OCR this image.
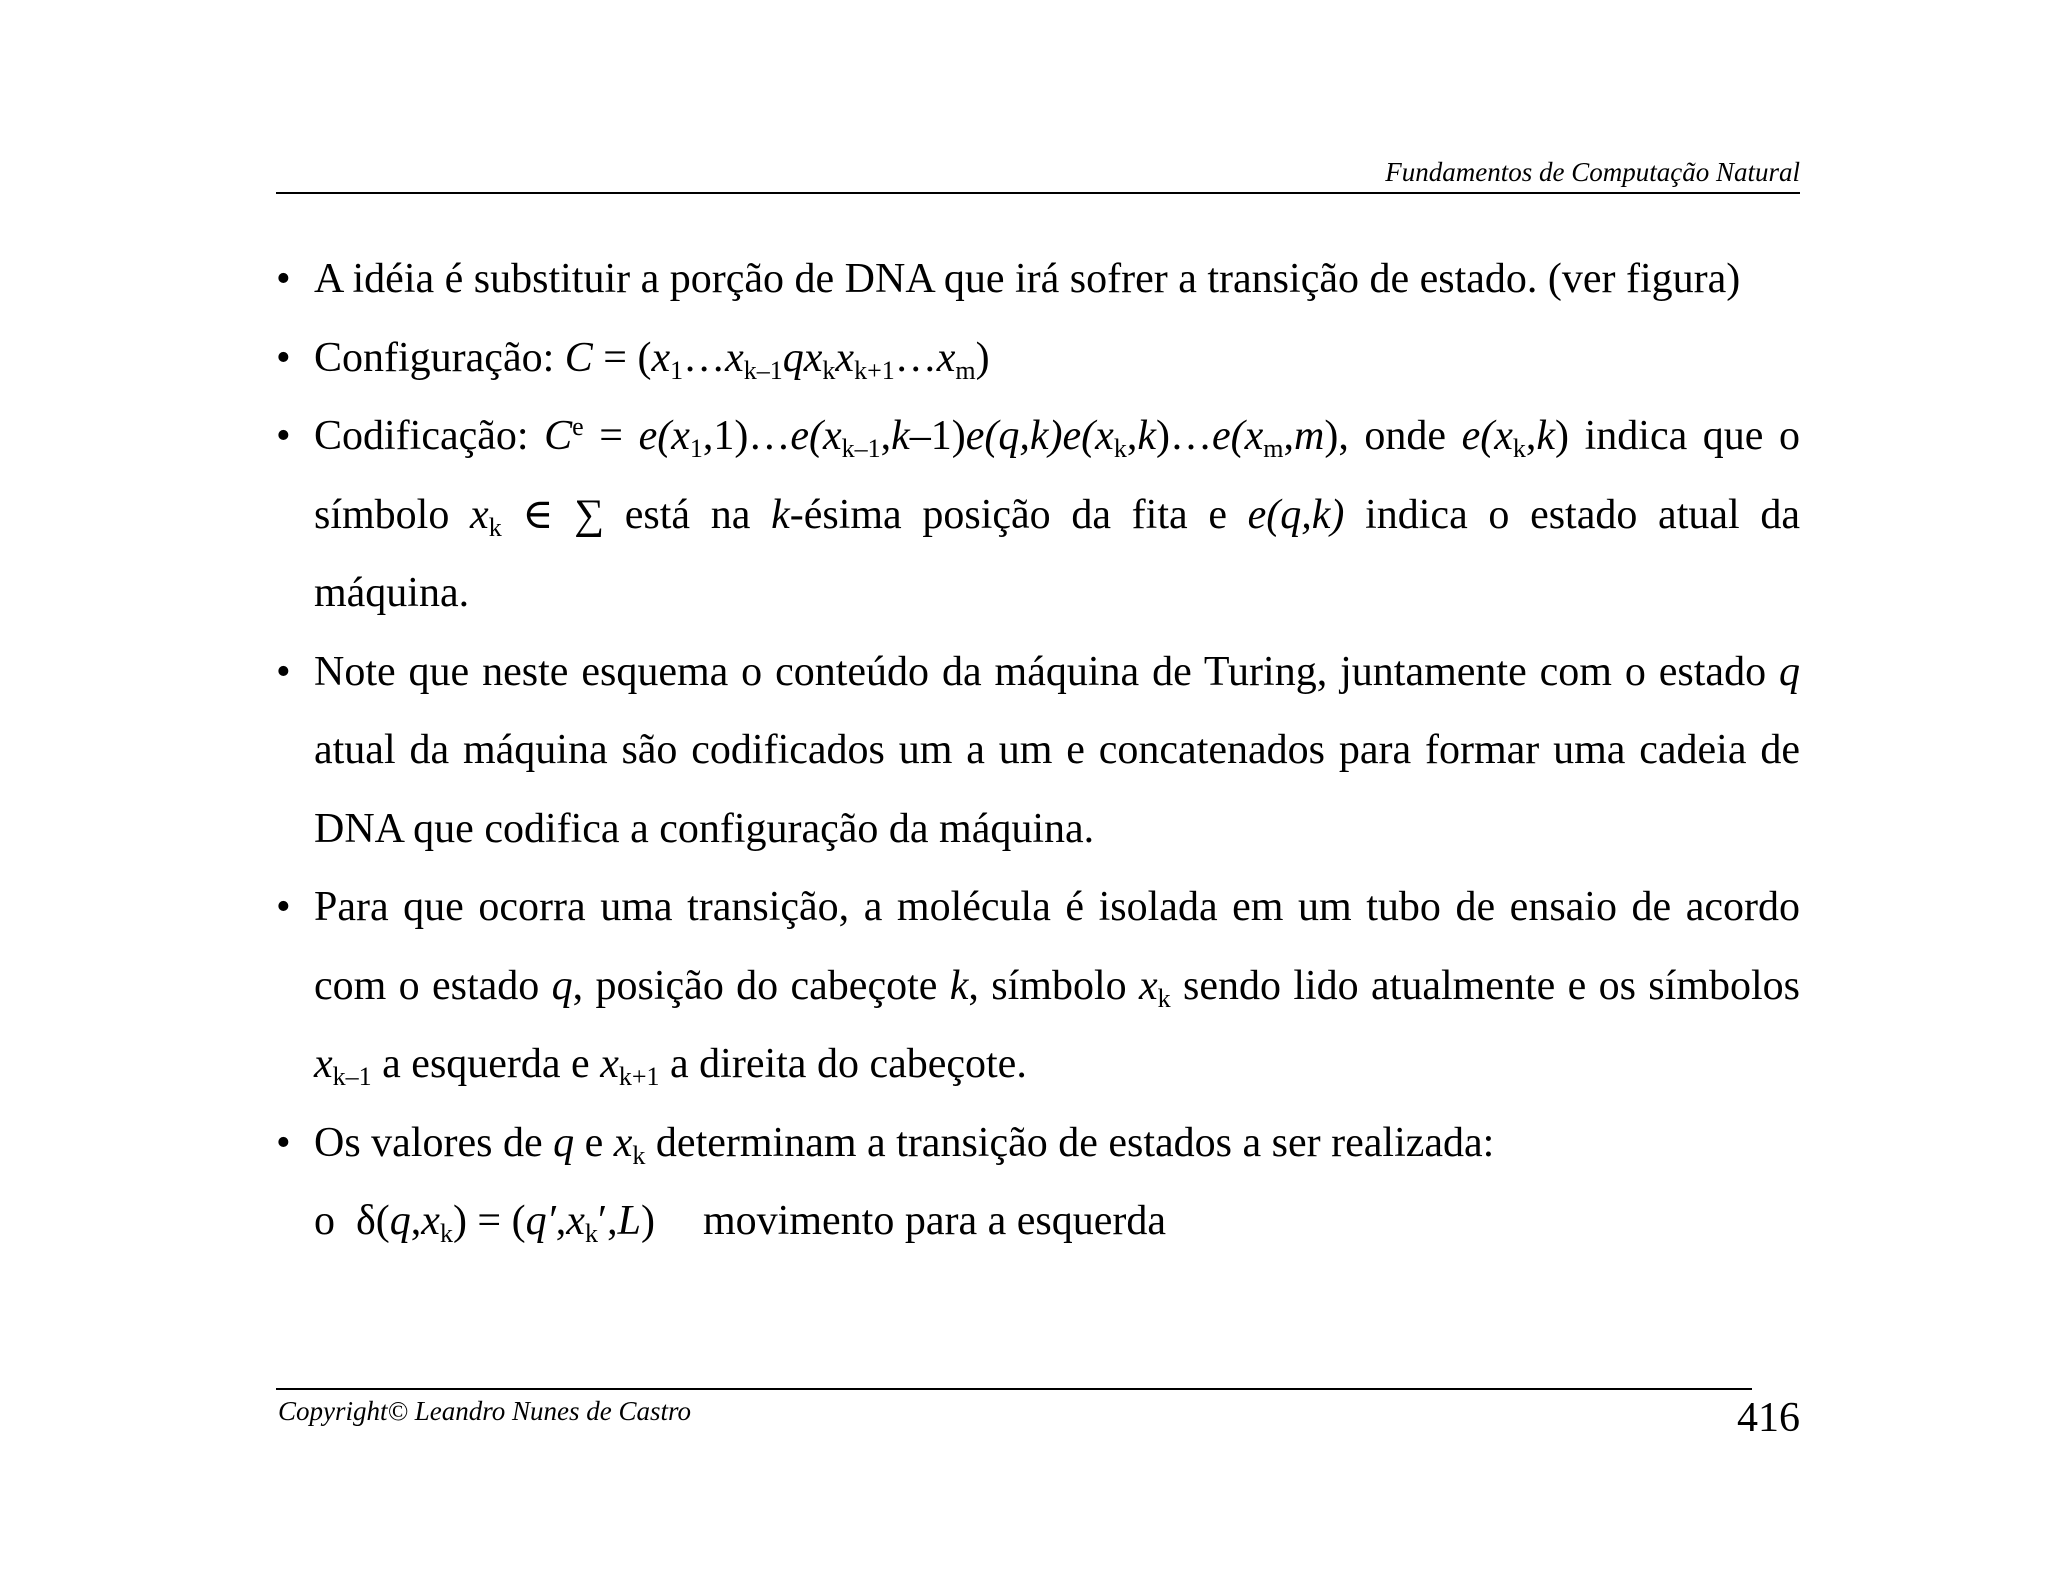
Fundamentos de Computação Natural
• A idéia é substituir a porção de DNA que irá sofrer a transição de estado. (ver figura)
• Configuração: $C = (x_1\dots x_{k-1}qx_kx_{k+1}\dots x_m)$
• Codificação: $C^e$ = $e(x_1,1)\dots e(x_{k-1},k-1)e(q,k)e(x_k,k)\dots e(x_m,m)$, onde $e(x_k,k)$ indica que o símbolo $x_k$ ∈ ∑ está na k-ésima posição da fita e e(q,k) indica o estado atual da máquina.
• Note que neste esquema o conteúdo da máquina de Turing, juntamente com o estado q atual da máquina são codificados um a um e concatenados para formar uma cadeia de DNA que codifica a configuração da máquina.
• Para que ocorra uma transição, a molécula é isolada em um tubo de ensaio de acordo com o estado q, posição do cabeçote k, símbolo $x_k$ sendo lido atualmente e os símbolos $x_{k-1}$ a esquerda e $x_{k+1}$ a direita do cabeçote.
• Os valores de q e $x_k$ determinam a transição de estados a ser realizada:
o $\delta(q,x_k) = (q',x_k',L)$ movimento para a esquerda
Copyright© Leandro Nunes de Castro	416
